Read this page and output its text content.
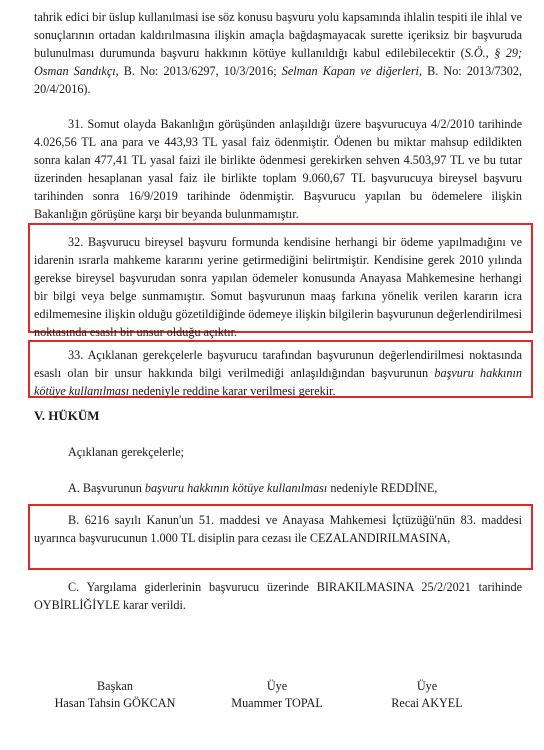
tahrik edici bir üslup kullanılmasi ise söz konusu başvuru yolu kapsamında ihlalin tespiti ile ihlal ve sonuçlarının ortadan kaldırılmasına ilişkin amaçla bağdaşmayacak surette içeriksiz bir başvuruda bulunulması durumunda başvuru hakkının kötüye kullanıldığı kabul edilebilecektir (S.Ö., § 29; Osman Sandıkçı, B. No: 2013/6297, 10/3/2016; Selman Kapan ve diğerleri, B. No: 2013/7302, 20/4/2016).

31. Somut olayda Bakanlığın görüşünden anlaşıldığı üzere başvurucuya 4/2/2010 tarihinde 4.026,56 TL ana para ve 443,93 TL yasal faiz ödenmiştir. Ödenen bu miktar mahsup edildikten sonra kalan 477,41 TL yasal faizi ile birlikte ödenmesi gerekirken sehven 4.503,97 TL ve bu tutar üzerinden hesaplanan yasal faiz ile birlikte toplam 9.060,67 TL başvurucuya bireysel başvuru tarihinden sonra 16/9/2019 tarihinde ödenmiştir. Başvurucu yapılan bu ödemelere ilişkin Bakanlığın görüşüne karşı bir beyanda bulunmamıştır.

32. Başvurucu bireysel başvuru formunda kendisine herhangi bir ödeme yapılmadığını ve idarenin ısrarla mahkeme kararını yerine getirmediğini belirtmiştir. Kendisine gerek 2010 yılında gerekse bireysel başvurudan sonra yapılan ödemeler konusunda Anayasa Mahkemesine herhangi bir bilgi veya belge sunmamıştır. Somut başvurunun maaş farkına yönelik verilen kararın icra edilmemesine ilişkin olduğu gözetildiğinde ödemeye ilişkin bilgilerin başvurunun değerlendirilmesi noktasında esaslı bir unsur olduğu açıktır.

33. Açıklanan gerekçelerle başvurucu tarafından başvurunun değerlendirilmesi noktasında esaslı olan bir unsur hakkında bilgi verilmediği anlaşıldığından başvurunun başvuru hakkının kötüye kullanılması nedeniyle reddine karar verilmesi gerekir.

V. HÜKÜM

Açıklanan gerekçelerle;

A. Başvurunun başvuru hakkının kötüye kullanılması nedeniyle REDDİNE,

B. 6216 sayılı Kanun'un 51. maddesi ve Anayasa Mahkemesi İçtüzüğü'nün 83. maddesi uyarınca başvurucunun 1.000 TL disiplin para cezası ile CEZALANDIRILMASINA,

C. Yargılama giderlerinin başvurucu üzerinde BIRAKILMASINA 25/2/2021 tarihinde OYBİRLİĞİYLE karar verildi.

Başkan
Hasan Tahsin GÖKCAN
Üye
Muammer TOPAL
Üye
Recai AKYEL
